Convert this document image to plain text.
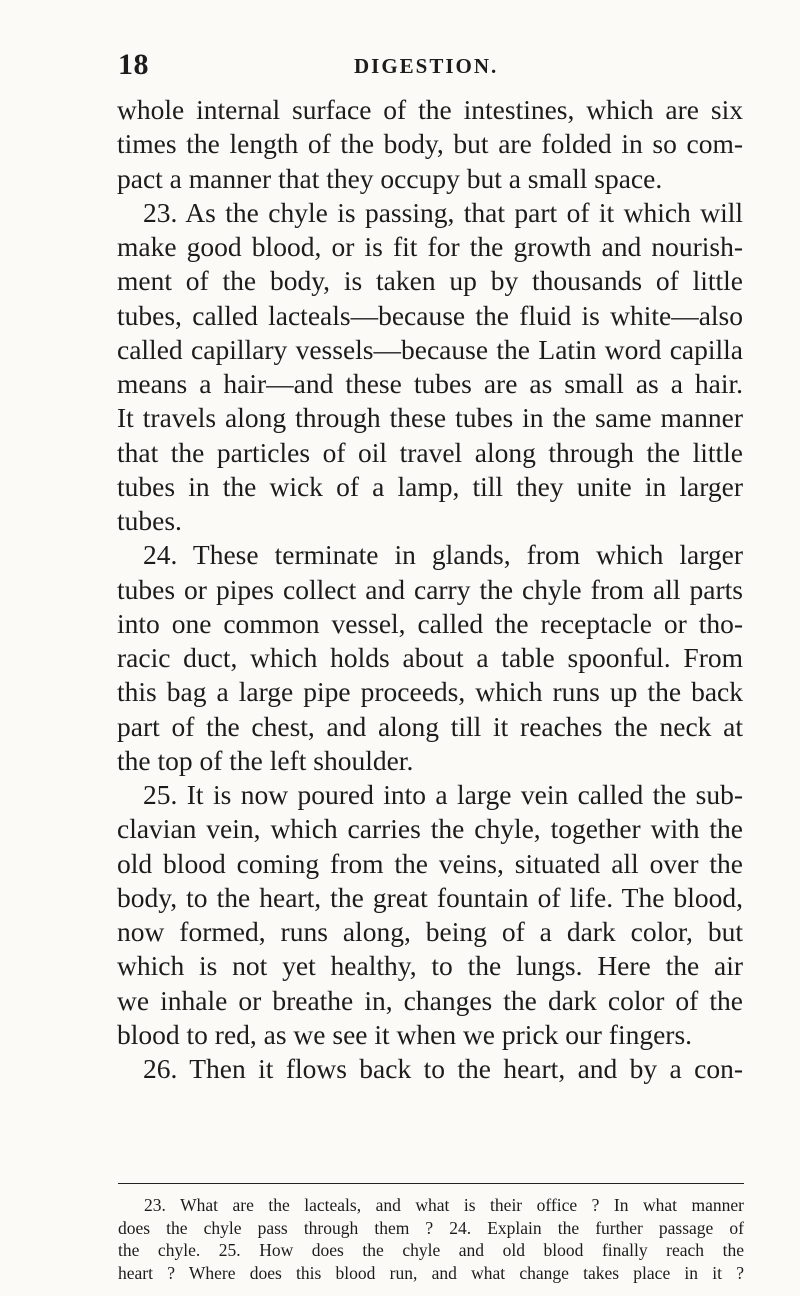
18	DIGESTION.
whole internal surface of the intestines, which are six
times the length of the body, but are folded in so com-
pact a manner that they occupy but a small space.
23. As the chyle is passing, that part of it which will
make good blood, or is fit for the growth and nourish-
ment of the body, is taken up by thousands of little
tubes, called lacteals—because the fluid is white—also
called capillary vessels—because the Latin word capilla
means a hair—and these tubes are as small as a hair.
It travels along through these tubes in the same manner
that the particles of oil travel along through the little
tubes in the wick of a lamp, till they unite in larger
tubes.
24. These terminate in glands, from which larger
tubes or pipes collect and carry the chyle from all parts
into one common vessel, called the receptacle or tho-
racic duct, which holds about a table spoonful. From
this bag a large pipe proceeds, which runs up the back
part of the chest, and along till it reaches the neck at
the top of the left shoulder.
25. It is now poured into a large vein called the sub-
clavian vein, which carries the chyle, together with the
old blood coming from the veins, situated all over the
body, to the heart, the great fountain of life. The blood,
now formed, runs along, being of a dark color, but
which is not yet healthy, to the lungs. Here the air
we inhale or breathe in, changes the dark color of the
blood to red, as we see it when we prick our fingers.
26. Then it flows back to the heart, and by a con-
23. What are the lacteals, and what is their office ? In what manner
does the chyle pass through them ? 24. Explain the further passage of
the chyle. 25. How does the chyle and old blood finally reach the
heart ? Where does this blood run, and what change takes place in it ?
